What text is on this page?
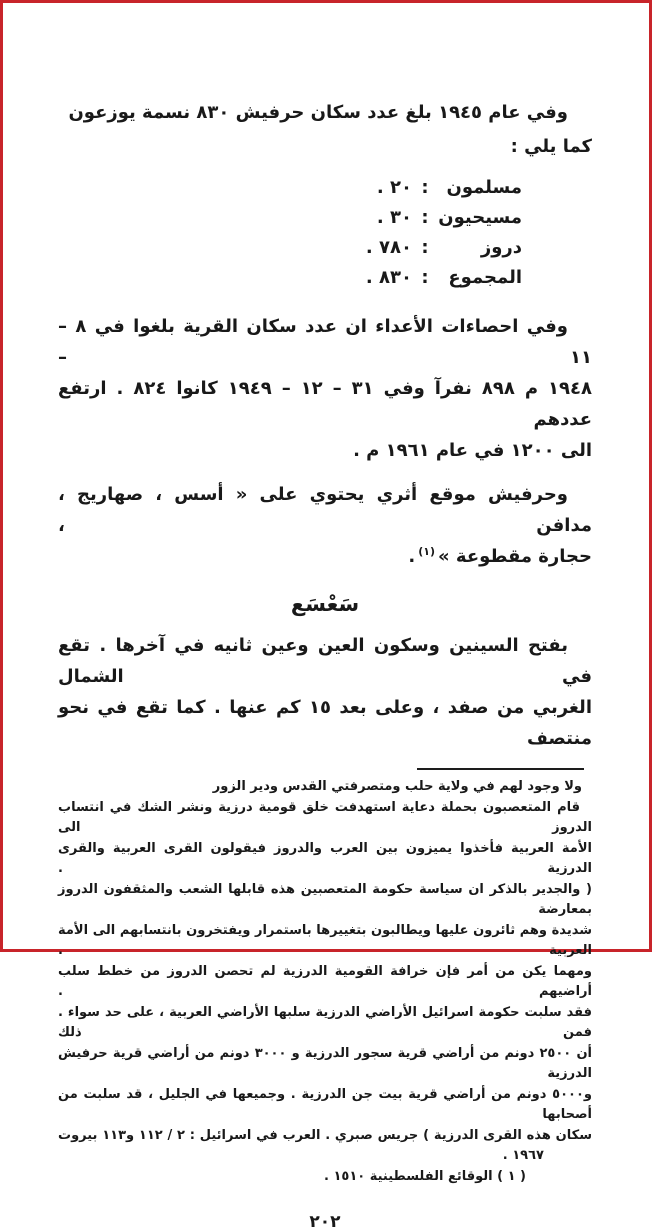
وفي عام ١٩٤٥ بلغ عدد سكان حرفيش ٨٣٠ نسمة يوزعون كما يلي :

مسلمون
:
٢٠ .
مسيحيون
:
٣٠ .
دروز
:
٧٨٠ .
المجموع
:
٨٣٠ .
وفي احصاءات الأعداء ان عدد سكان القرية بلغوا في ٨ – ١١ –
١٩٤٨ م ٨٩٨ نفرآ وفي ٣١ – ١٢ – ١٩٤٩ كانوا ٨٢٤ . ارتفع عددهم
الى ١٢٠٠ في عام ١٩٦١ م .
وحرفيش موقع أثري يحتوي على « أسس ، صهاريج ، مدافن ،
حجارة مقطوعة »$^{(١)}$.
سَعْسَع
بفتح السينين وسكون العين وعين ثانيه في آخرها . تقع في الشمال
الغربي من صفد ، وعلى بعد ١٥ كم عنها . كما تقع في نحو منتصف
ولا وجود لهم في ولاية حلب ومتصرفتي القدس ودير الزور
قام المتعصبون بحملة دعاية استهدفت خلق قومية درزية ونشر الشك في انتساب الدروز الى
الأمة العربية فأخذوا يميزون بين العرب والدروز فيقولون القرى العربية والقرى الدرزية .
( والجدير بالذكر ان سياسة حكومة المتعصبين هذه قابلها الشعب والمثقفون الدروز بمعارضة
شديدة وهم ثائرون عليها ويطالبون بتغييرها باستمرار ويفتخرون بانتسابهم الى الأمة العربية .
ومهما يكن من أمر فإن خرافة القومية الدرزية لم تحصن الدروز من خطط سلب أراضيهم .
فقد سلبت حكومة اسرائيل الأراضي الدرزية سلبها الأراضي العربية ، على حد سواء . فمن ذلك
أن ٢٥٠٠ دونم من أراضي قرية سجور الدرزية و ٣٠٠٠ دونم من أراضي قرية حرفيش الدرزية
و٥٠٠٠ دونم من أراضي قرية بيت جن الدرزية . وجميعها في الجليل ، قد سلبت من أصحابها
سكان هذه القرى الدرزية ) جريس صبري . العرب في اسرائيل : ٢ / ١١٢ و١١٣ بيروت
١٩٦٧ .
( ١ ) الوقائع الفلسطينية ١٥١٠ .
٢٠٢
